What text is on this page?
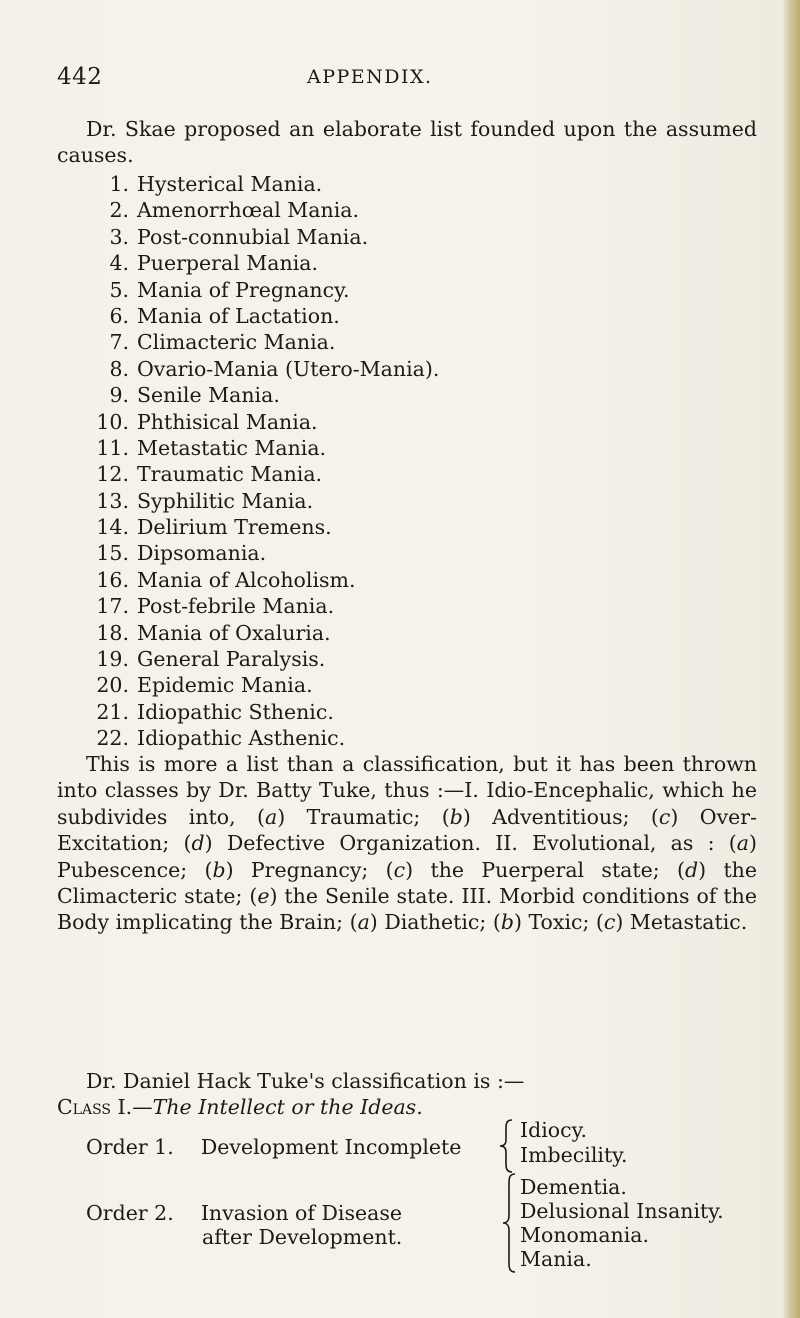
442	APPENDIX.

Dr. Skae proposed an elaborate list founded upon the assumed causes.

1. Hysterical Mania.
2. Amenorrhœal Mania.
3. Post-connubial Mania.
4. Puerperal Mania.
5. Mania of Pregnancy.
6. Mania of Lactation.
7. Climacteric Mania.
8. Ovario-Mania (Utero-Mania).
9. Senile Mania.
10. Phthisical Mania.
11. Metastatic Mania.
12. Traumatic Mania.
13. Syphilitic Mania.
14. Delirium Tremens.
15. Dipsomania.
16. Mania of Alcoholism.
17. Post-febrile Mania.
18. Mania of Oxaluria.
19. General Paralysis.
20. Epidemic Mania.
21. Idiopathic Sthenic.
22. Idiopathic Asthenic.

This is more a list than a classification, but it has been thrown into classes by Dr. Batty Tuke, thus :—I. Idio-Encephalic, which he subdivides into, (a) Traumatic; (b) Adventitious; (c) Over-Excitation; (d) Defective Organization. II. Evolutional, as : (a) Pubescence; (b) Pregnancy; (c) the Puerperal state; (d) the Climacteric state; (e) the Senile state. III. Morbid conditions of the Body implicating the Brain; (a) Diathetic; (b) Toxic; (c) Metastatic.

Dr. Daniel Hack Tuke's classification is :—

Class I.—The Intellect or the Ideas.
Order 1. Development Incomplete
Idiocy.
Imbecility.
Order 2. Invasion of Disease
after Development.
Dementia.
Delusional Insanity.
Monomania.
Mania.
